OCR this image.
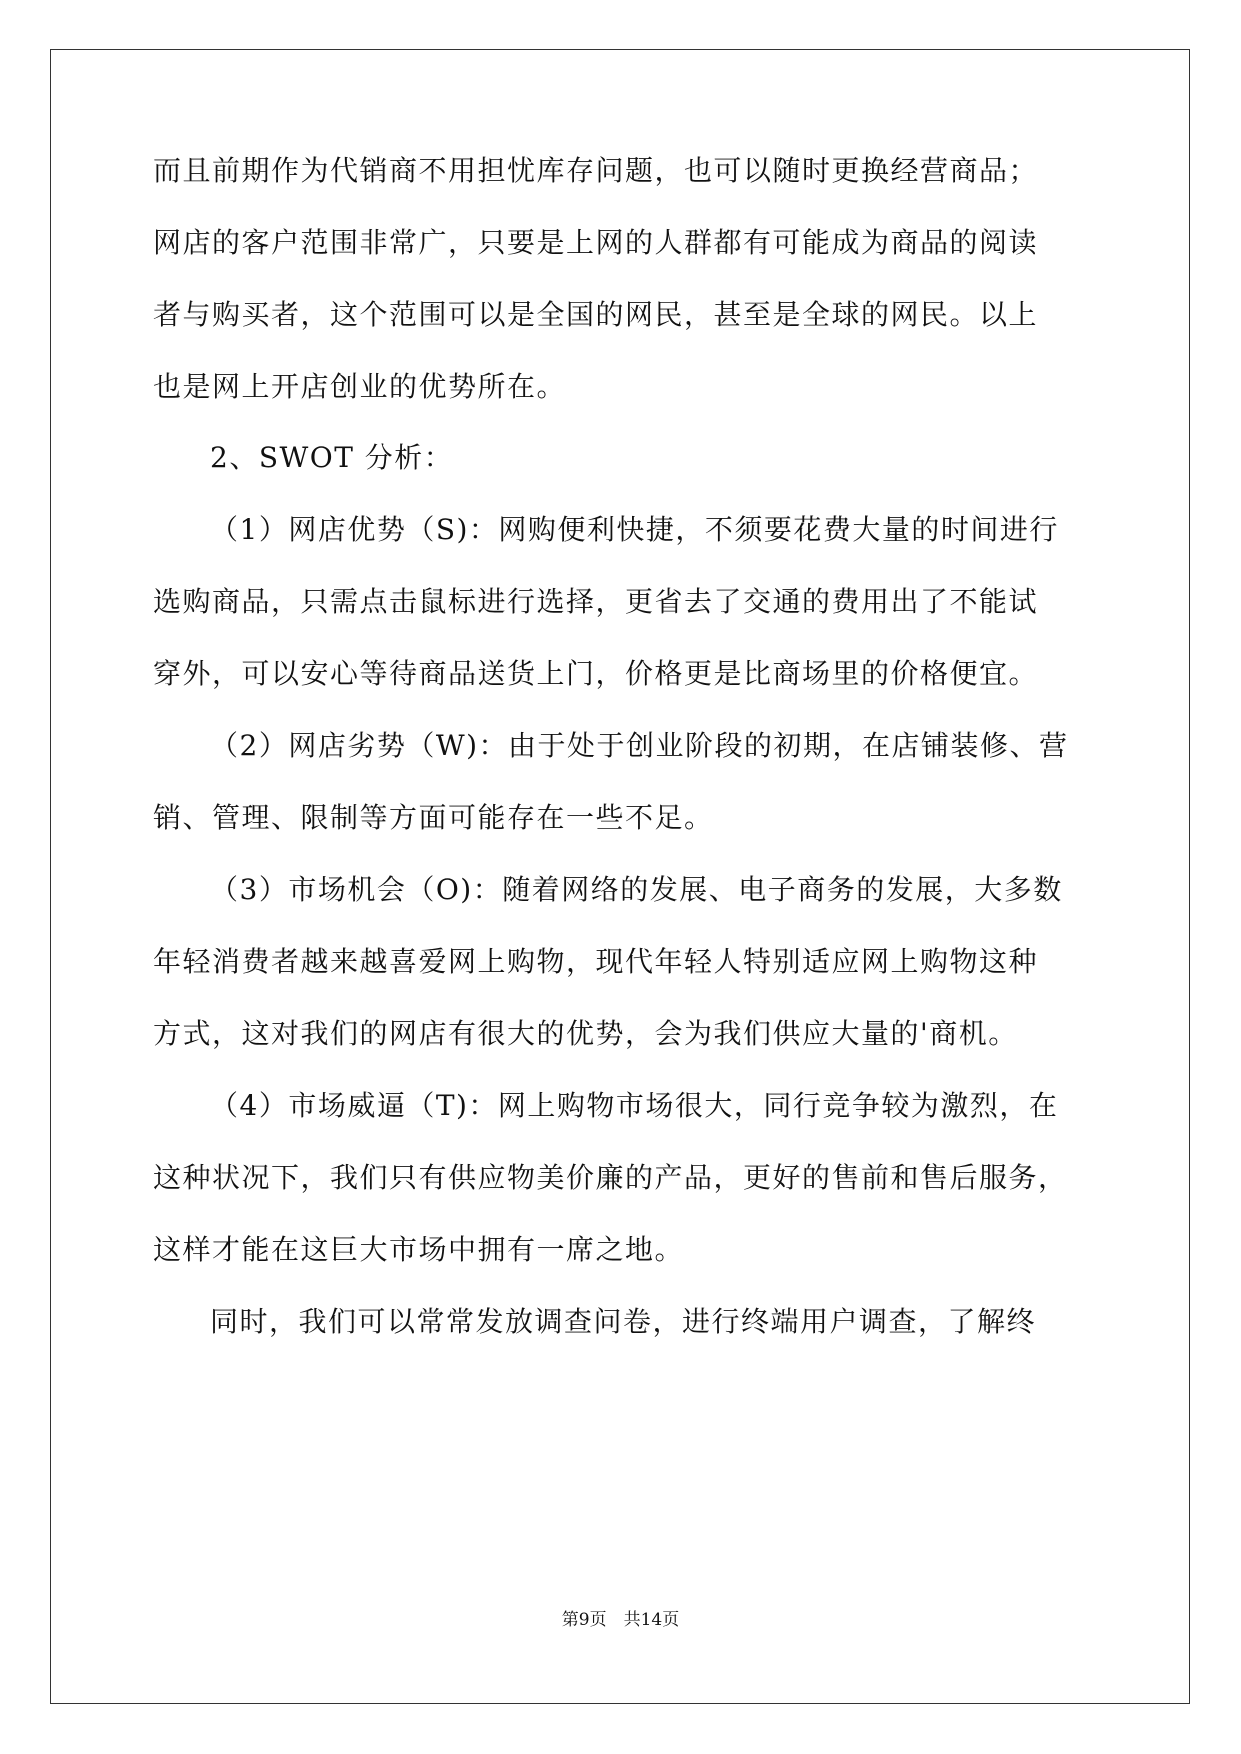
而且前期作为代销商不用担忧库存问题，也可以随时更换经营商品；
网店的客户范围非常广，只要是上网的人群都有可能成为商品的阅读
者与购买者，这个范围可以是全国的网民，甚至是全球的网民。以上
也是网上开店创业的优势所在。
2、SWOT 分析：
（1）网店优势（S)：网购便利快捷，不须要花费大量的时间进行
选购商品，只需点击鼠标进行选择，更省去了交通的费用出了不能试
穿外，可以安心等待商品送货上门，价格更是比商场里的价格便宜。
（2）网店劣势（W)：由于处于创业阶段的初期，在店铺装修、营
销、管理、限制等方面可能存在一些不足。
（3）市场机会（O)：随着网络的发展、电子商务的发展，大多数
年轻消费者越来越喜爱网上购物，现代年轻人特别适应网上购物这种
方式，这对我们的网店有很大的优势，会为我们供应大量的'商机。
（4）市场威逼（T)：网上购物市场很大，同行竞争较为激烈，在
这种状况下，我们只有供应物美价廉的产品，更好的售前和售后服务，
这样才能在这巨大市场中拥有一席之地。
同时，我们可以常常发放调查问卷，进行终端用户调查，了解终
第9页　共14页
